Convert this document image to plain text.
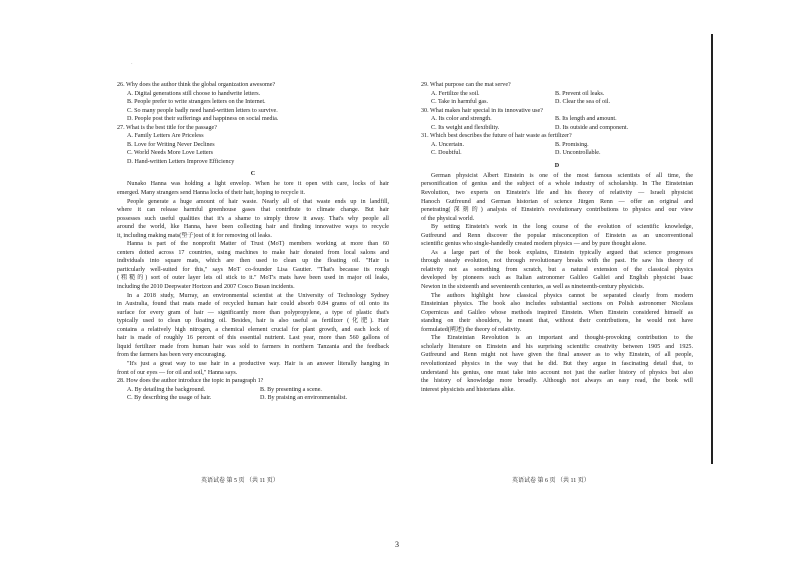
·
26. Why does the author think the global organization awesome?
A. Digital generations still choose to handwrite letters.
B. People prefer to write strangers letters on the Internet.
C. So many people badly need hand-written letters to survive.
D. People post their sufferings and happiness on social media.
27. What is the best title for the passage?
A. Family Letters Are Priceless
B. Love for Writing Never Declines
C. World Needs More Love Letters
D. Hand-written Letters Improve Efficiency
C
Nunako Hanna was holding a light envelop. When he tore it open with care, locks of hair
emerged. Many strangers send Hanna locks of their hair, hoping to recycle it.
People generate a huge amount of hair waste. Nearly all of that waste ends up in landfill,
where it can release harmful greenhouse gases that contribute to climate change. But hair
possesses such useful qualities that it's a shame to simply throw it away. That's why people all
around the world, like Hanna, have been collecting hair and finding innovative ways to recycle
it, including making mats(垫子)out of it for removing oil leaks.
Hanna is part of the nonprofit Matter of Trust (MoT) members working at more than 60
centers dotted across 17 countries, using machines to make hair donated from local salons and
individuals into square mats, which are then used to clean up the floating oil. "Hair is
particularly well-suited for this," says MoT co-founder Lisa Gautier. "That's because its rough
(粗糙的) sort of outer layer lets oil stick to it." MoT's mats have been used in major oil leaks,
including the 2010 Deepwater Horizon and 2007 Cosco Busan incidents.
In a 2018 study, Murray, an environmental scientist at the University of Technology Sydney
in Australia, found that mats made of recycled human hair could absorb 0.84 grams of oil onto its
surface for every gram of hair — significantly more than polypropylene, a type of plastic that's
typically used to clean up floating oil. Besides, hair is also useful as fertilizer (化肥). Hair
contains a relatively high nitrogen, a chemical element crucial for plant growth, and each lock of
hair is made of roughly 16 percent of this essential nutrient. Last year, more than 560 gallons of
liquid fertilizer made from human hair was sold to farmers in northern Tanzania and the feedback
from the farmers has been very encouraging.
"It's just a great way to use hair in a productive way. Hair is an answer literally hanging in
front of our eyes — for oil and soil," Hanna says.
28. How does the author introduce the topic in paragraph 1?
A. By detailing the background.	B. By presenting a scene.
C. By describing the usage of hair.	D. By praising an environmentalist.
29. What purpose can the mat serve?
A. Fertilize the soil.	B. Prevent oil leaks.
C. Take in harmful gas.	D. Clear the sea of oil.
30. What makes hair special in its innovative use?
A. Its color and strength.	B. Its length and amount.
C. Its weight and flexibility.	D. Its outside and component.
31. Which best describes the future of hair waste as fertilizer?
A. Uncertain.	B. Promising.
C. Doubtful.	D. Uncontrollable.
D
German physicist Albert Einstein is one of the most famous scientists of all time, the
personification of genius and the subject of a whole industry of scholarship. In The Einsteinian
Revolution, two experts on Einstein's life and his theory of relativity — Israeli physicist
Hanoch Gutfreund and German historian of science Jürgen Renn — offer an original and
penetrating(深刻的) analysis of Einstein's revolutionary contributions to physics and our view
of the physical world.
By setting Einstein's work in the long course of the evolution of scientific knowledge,
Gutfreund and Renn discover the popular misconception of Einstein as an unconventional
scientific genius who single-handedly created modern physics — and by pure thought alone.
As a large part of the book explains, Einstein typically argued that science progresses
through steady evolution, not through revolutionary breaks with the past. He saw his theory of
relativity not as something from scratch, but a natural extension of the classical physics
developed by pioneers such as Italian astronomer Galileo Galilei and English physicist Isaac
Newton in the sixteenth and seventeenth centuries, as well as nineteenth-century physicists.
The authors highlight how classical physics cannot be separated clearly from modern
Einsteinian physics. The book also includes substantial sections on Polish astronomer Nicolaus
Copernicus and Galileo whose methods inspired Einstein. When Einstein considered himself as
standing on their shoulders, he meant that, without their contributions, he would not have
formulated(阐述) the theory of relativity.
The Einsteinian Revolution is an important and thought-provoking contribution to the
scholarly literature on Einstein and his surprising scientific creativity between 1905 and 1925.
Gutfreund and Renn might not have given the final answer as to why Einstein, of all people,
revolutionized physics in the way that he did. But they argue in fascinating detail that, to
understand his genius, one must take into account not just the earlier history of physics but also
the history of knowledge more broadly. Although not always an easy read, the book will
interest physicists and historians alike.
英语试卷 第 5 页 （共 11 页）	英语试卷 第 6 页 （共 11 页）
3
